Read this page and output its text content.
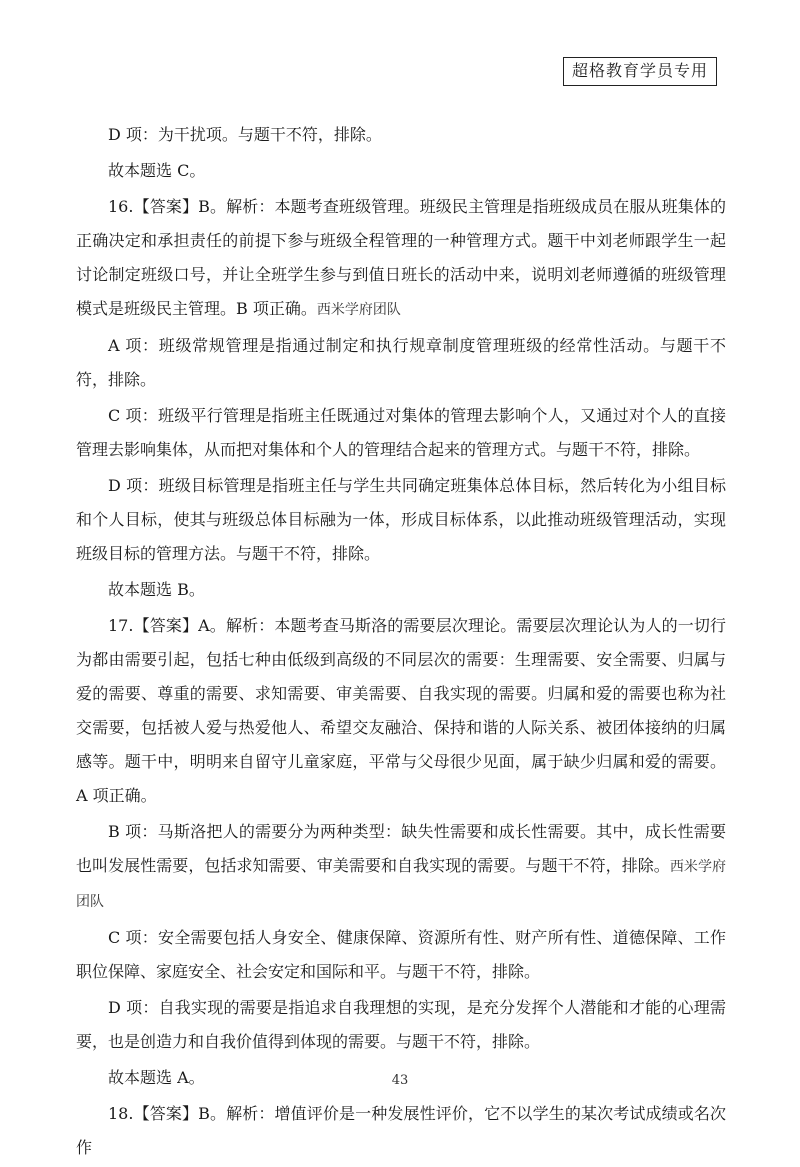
超格教育学员专用

D 项：为干扰项。与题干不符，排除。

故本题选 C。

16.【答案】B。解析：本题考查班级管理。班级民主管理是指班级成员在服从班集体的正确决定和承担责任的前提下参与班级全程管理的一种管理方式。题干中刘老师跟学生一起讨论制定班级口号，并让全班学生参与到值日班长的活动中来，说明刘老师遵循的班级管理模式是班级民主管理。B 项正确。西米学府团队

A 项：班级常规管理是指通过制定和执行规章制度管理班级的经常性活动。与题干不符，排除。

C 项：班级平行管理是指班主任既通过对集体的管理去影响个人，又通过对个人的直接管理去影响集体，从而把对集体和个人的管理结合起来的管理方式。与题干不符，排除。

D 项：班级目标管理是指班主任与学生共同确定班集体总体目标，然后转化为小组目标和个人目标，使其与班级总体目标融为一体，形成目标体系，以此推动班级管理活动，实现班级目标的管理方法。与题干不符，排除。

故本题选 B。

17.【答案】A。解析：本题考查马斯洛的需要层次理论。需要层次理论认为人的一切行为都由需要引起，包括七种由低级到高级的不同层次的需要：生理需要、安全需要、归属与爱的需要、尊重的需要、求知需要、审美需要、自我实现的需要。归属和爱的需要也称为社交需要，包括被人爱与热爱他人、希望交友融洽、保持和谐的人际关系、被团体接纳的归属感等。题干中，明明来自留守儿童家庭，平常与父母很少见面，属于缺少归属和爱的需要。A 项正确。

B 项：马斯洛把人的需要分为两种类型：缺失性需要和成长性需要。其中，成长性需要也叫发展性需要，包括求知需要、审美需要和自我实现的需要。与题干不符，排除。西米学府团队

C 项：安全需要包括人身安全、健康保障、资源所有性、财产所有性、道德保障、工作职位保障、家庭安全、社会安定和国际和平。与题干不符，排除。

D 项：自我实现的需要是指追求自我理想的实现，是充分发挥个人潜能和才能的心理需要，也是创造力和自我价值得到体现的需要。与题干不符，排除。

故本题选 A。

18.【答案】B。解析：增值评价是一种发展性评价，它不以学生的某次考试成绩或名次作

43
